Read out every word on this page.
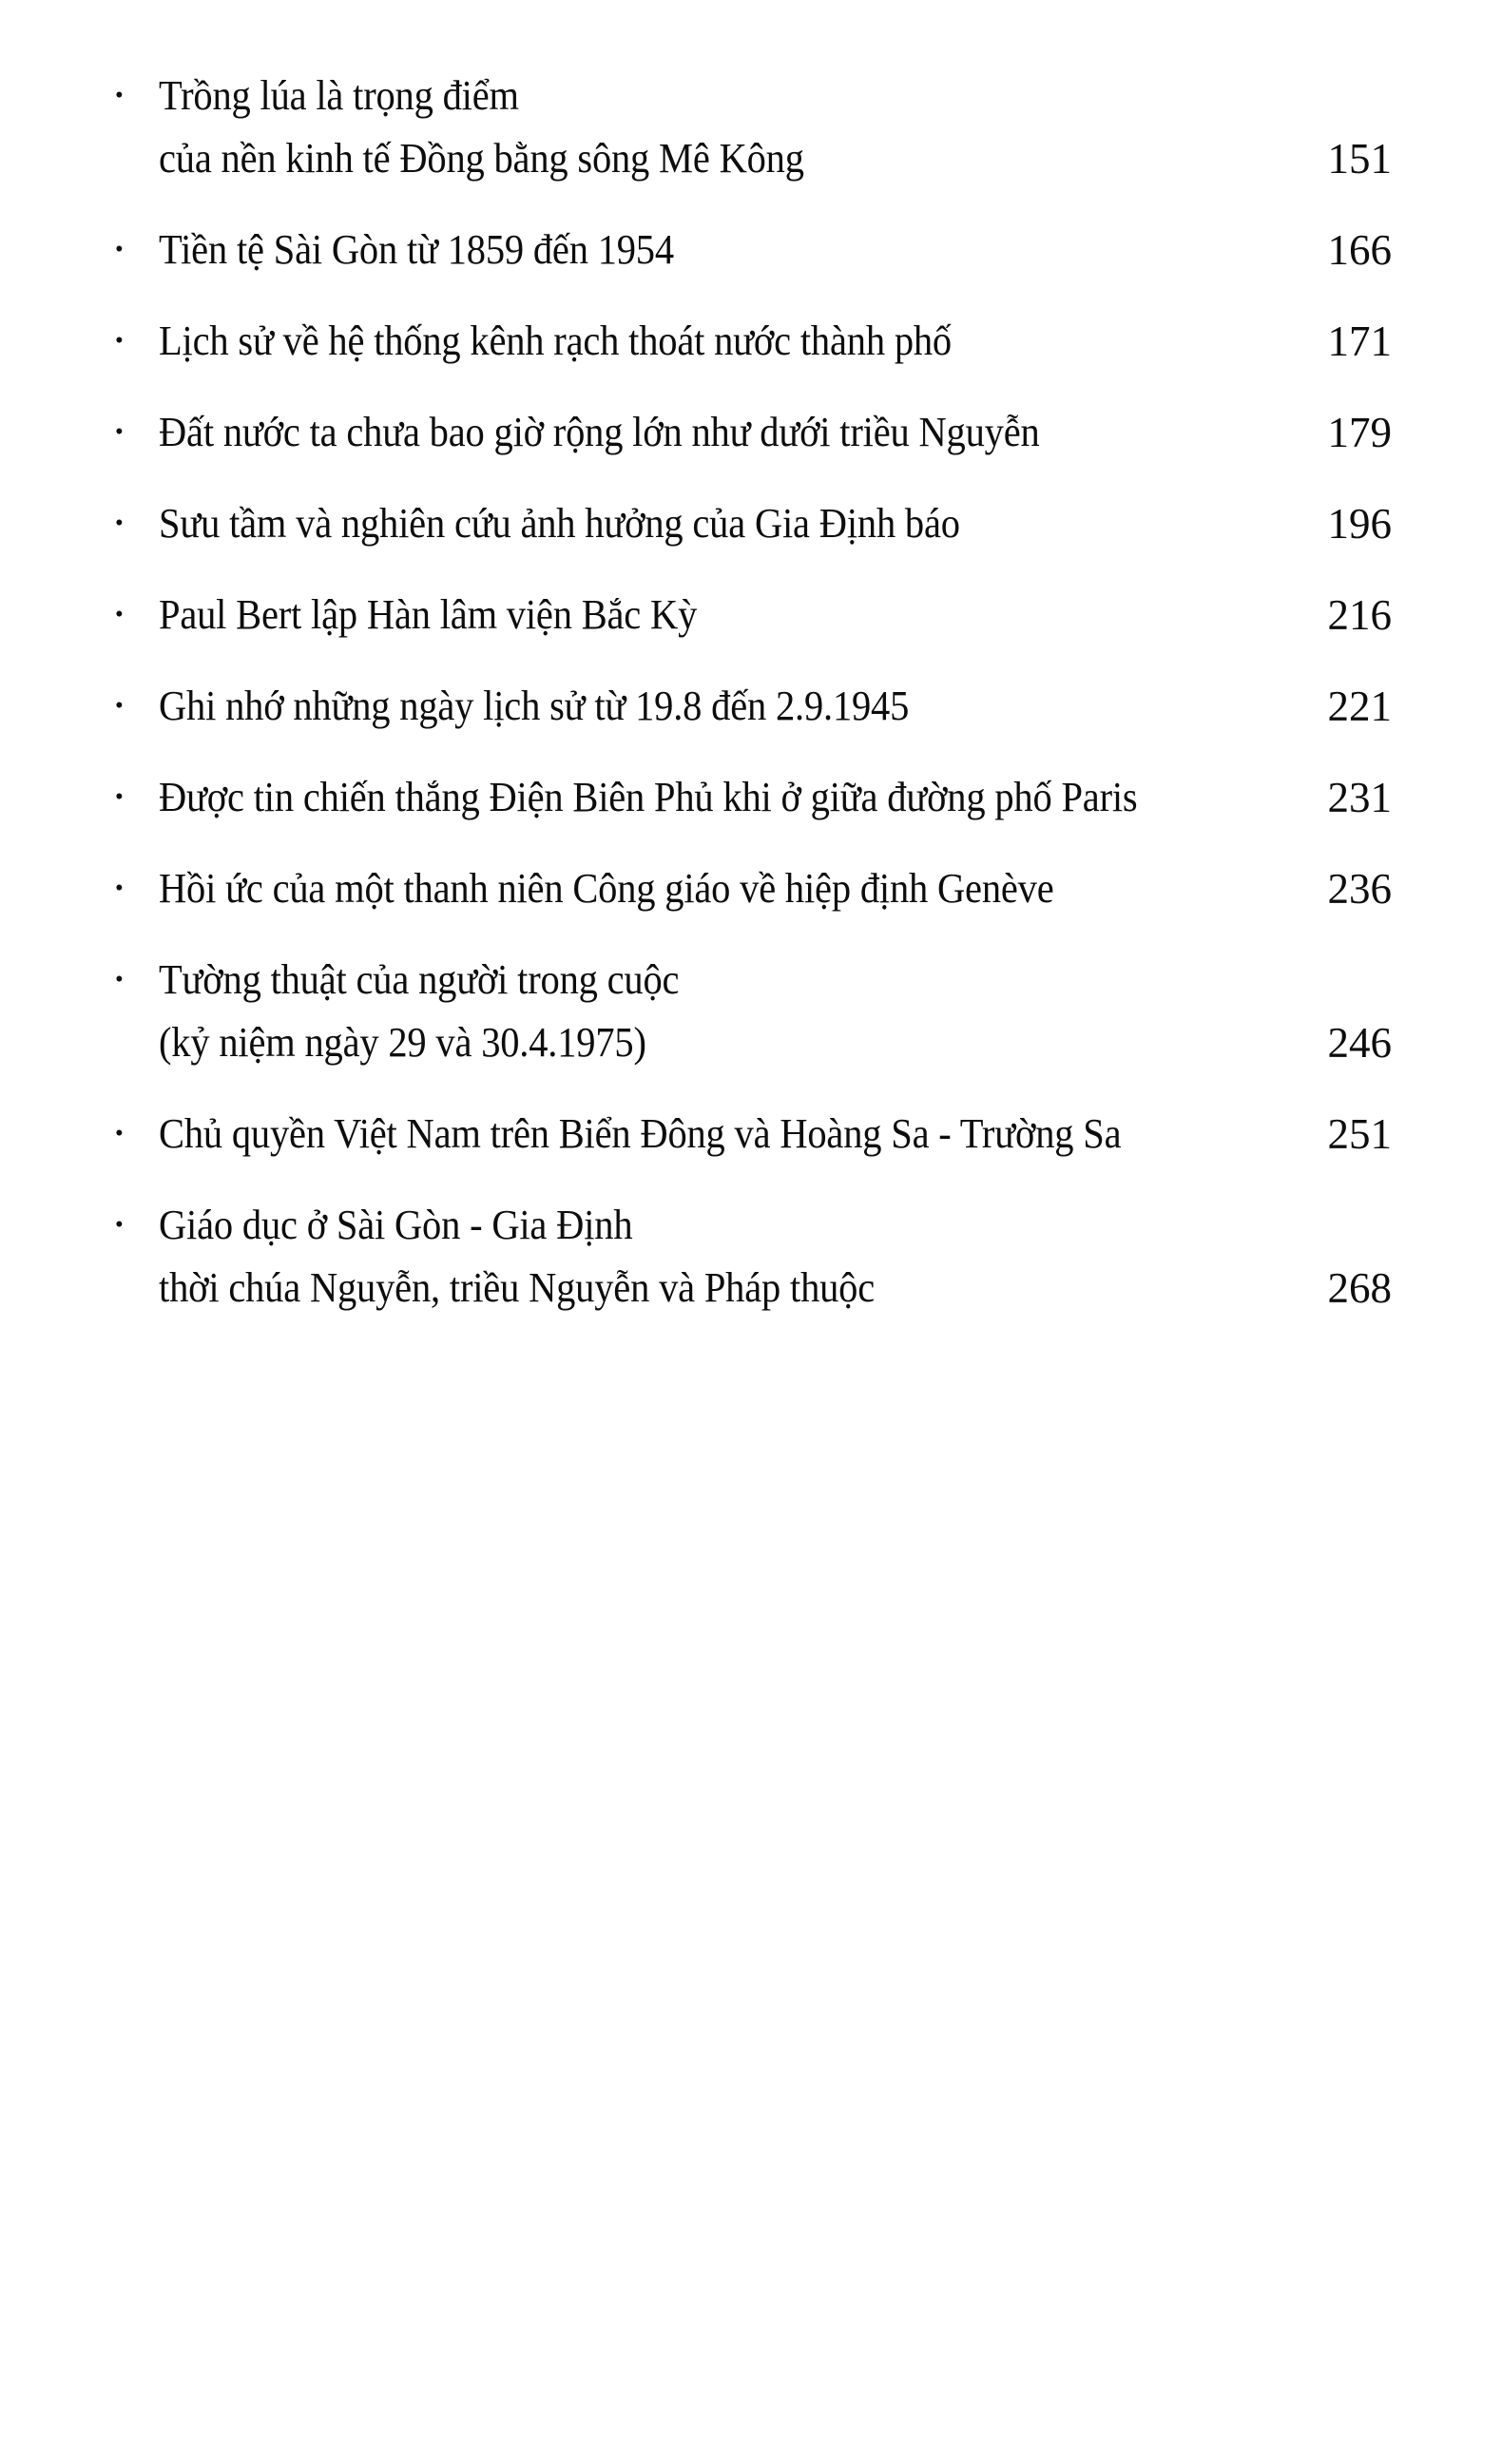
• Trồng lúa là trọng điểm
của nền kinh tế Đồng bằng sông Mê Kông	151
• Tiền tệ Sài Gòn từ 1859 đến 1954	166
• Lịch sử về hệ thống kênh rạch thoát nước thành phố	171
• Đất nước ta chưa bao giờ rộng lớn như dưới triều Nguyễn	179
• Sưu tầm và nghiên cứu ảnh hưởng của Gia Định báo	196
• Paul Bert lập Hàn lâm viện Bắc Kỳ	216
• Ghi nhớ những ngày lịch sử từ 19.8 đến 2.9.1945	221
• Được tin chiến thắng Điện Biên Phủ khi ở giữa đường phố Paris	231
• Hồi ức của một thanh niên Công giáo về hiệp định Genève	236
• Tường thuật của người trong cuộc
(kỷ niệm ngày 29 và 30.4.1975)	246
• Chủ quyền Việt Nam trên Biển Đông và Hoàng Sa - Trường Sa	251
• Giáo dục ở Sài Gòn - Gia Định
thời chúa Nguyễn, triều Nguyễn và Pháp thuộc	268
